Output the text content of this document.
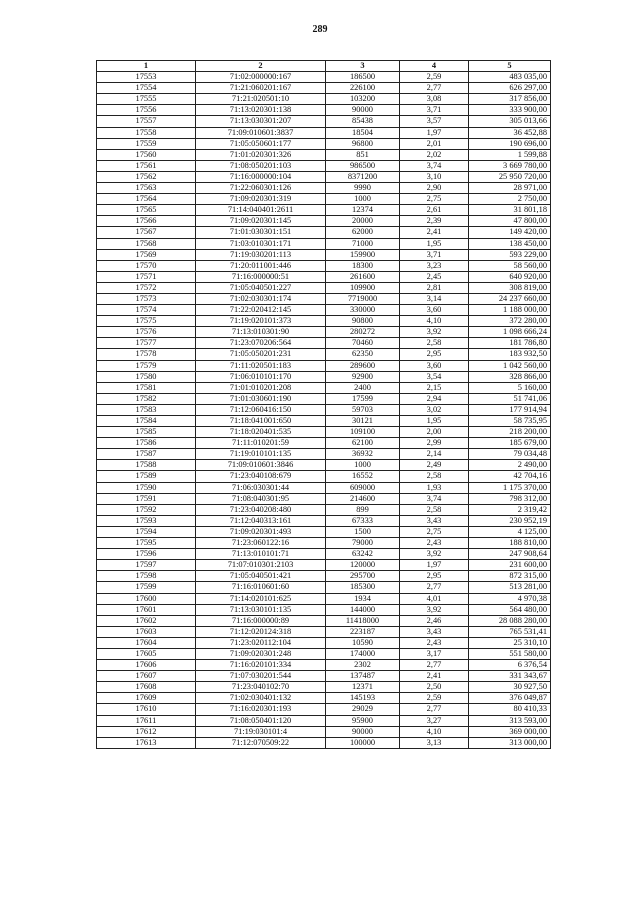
289
1	2	3	4	5
17553	71:02:000000:167	186500	2,59	483 035,00
17554	71:21:060201:167	226100	2,77	626 297,00
17555	71:21:020501:10	103200	3,08	317 856,00
17556	71:13:020301:138	90000	3,71	333 900,00
17557	71:13:030301:207	85438	3,57	305 013,66
17558	71:09:010601:3837	18504	1,97	36 452,88
17559	71:05:050601:177	96800	2,01	190 696,00
17560	71:01:020301:326	851	2,02	1 599,88
17561	71:08:050201:103	986500	3,74	3 669 780,00
17562	71:16:000000:104	8371200	3,10	25 950 720,00
17563	71:22:060301:126	9990	2,90	28 971,00
17564	71:09:020301:319	1000	2,75	2 750,00
17565	71:14:040401:2611	12374	2,61	31 801,18
17566	71:09:020301:145	20000	2,39	47 800,00
17567	71:01:030301:151	62000	2,41	149 420,00
17568	71:03:010301:171	71000	1,95	138 450,00
17569	71:19:030201:113	159900	3,71	593 229,00
17570	71:20:011001:446	18300	3,23	58 560,00
17571	71:16:000000:51	261600	2,45	640 920,00
17572	71:05:040501:227	109900	2,81	308 819,00
17573	71:02:030301:174	7719000	3,14	24 237 660,00
17574	71:22:020412:145	330000	3,60	1 188 000,00
17575	71:19:020101:373	90800	4,10	372 280,00
17576	71:13:010301:90	280272	3,92	1 098 666,24
17577	71:23:070206:564	70460	2,58	181 786,80
17578	71:05:050201:231	62350	2,95	183 932,50
17579	71:11:020501:183	289600	3,60	1 042 560,00
17580	71:06:010101:170	92900	3,54	328 866,00
17581	71:01:010201:208	2400	2,15	5 160,00
17582	71:01:030601:190	17599	2,94	51 741,06
17583	71:12:060416:150	59703	3,02	177 914,94
17584	71:18:041001:650	30121	1,95	58 735,95
17585	71:18:020401:535	109100	2,00	218 200,00
17586	71:11:010201:59	62100	2,99	185 679,00
17587	71:19:010101:135	36932	2,14	79 034,48
17588	71:09:010601:3846	1000	2,49	2 490,00
17589	71:23:040108:679	16552	2,58	42 704,16
17590	71:06:030301:44	609000	1,93	1 175 370,00
17591	71:08:040301:95	214600	3,74	798 312,00
17592	71:23:040208:480	899	2,58	2 319,42
17593	71:12:040313:161	67333	3,43	230 952,19
17594	71:09:020301:493	1500	2,75	4 125,00
17595	71:23:060122:16	79000	2,43	188 810,00
17596	71:13:010101:71	63242	3,92	247 908,64
17597	71:07:010301:2103	120000	1,97	231 600,00
17598	71:05:040501:421	295700	2,95	872 315,00
17599	71:16:010601:60	185300	2,77	513 281,00
17600	71:14:020101:625	1934	4,01	4 970,38
17601	71:13:030101:135	144000	3,92	564 480,00
17602	71:16:000000:89	11418000	2,46	28 088 280,00
17603	71:12:020124:318	223187	3,43	765 531,41
17604	71:23:020112:104	10590	2,43	25 310,10
17605	71:09:020301:248	174000	3,17	551 580,00
17606	71:16:020101:334	2302	2,77	6 376,54
17607	71:07:030201:544	137487	2,41	331 343,67
17608	71:23:040102:70	12371	2,50	30 927,50
17609	71:02:030401:132	145193	2,59	376 049,87
17610	71:16:020301:193	29029	2,77	80 410,33
17611	71:08:050401:120	95900	3,27	313 593,00
17612	71:19:030101:4	90000	4,10	369 000,00
17613	71:12:070509:22	100000	3,13	313 000,00
